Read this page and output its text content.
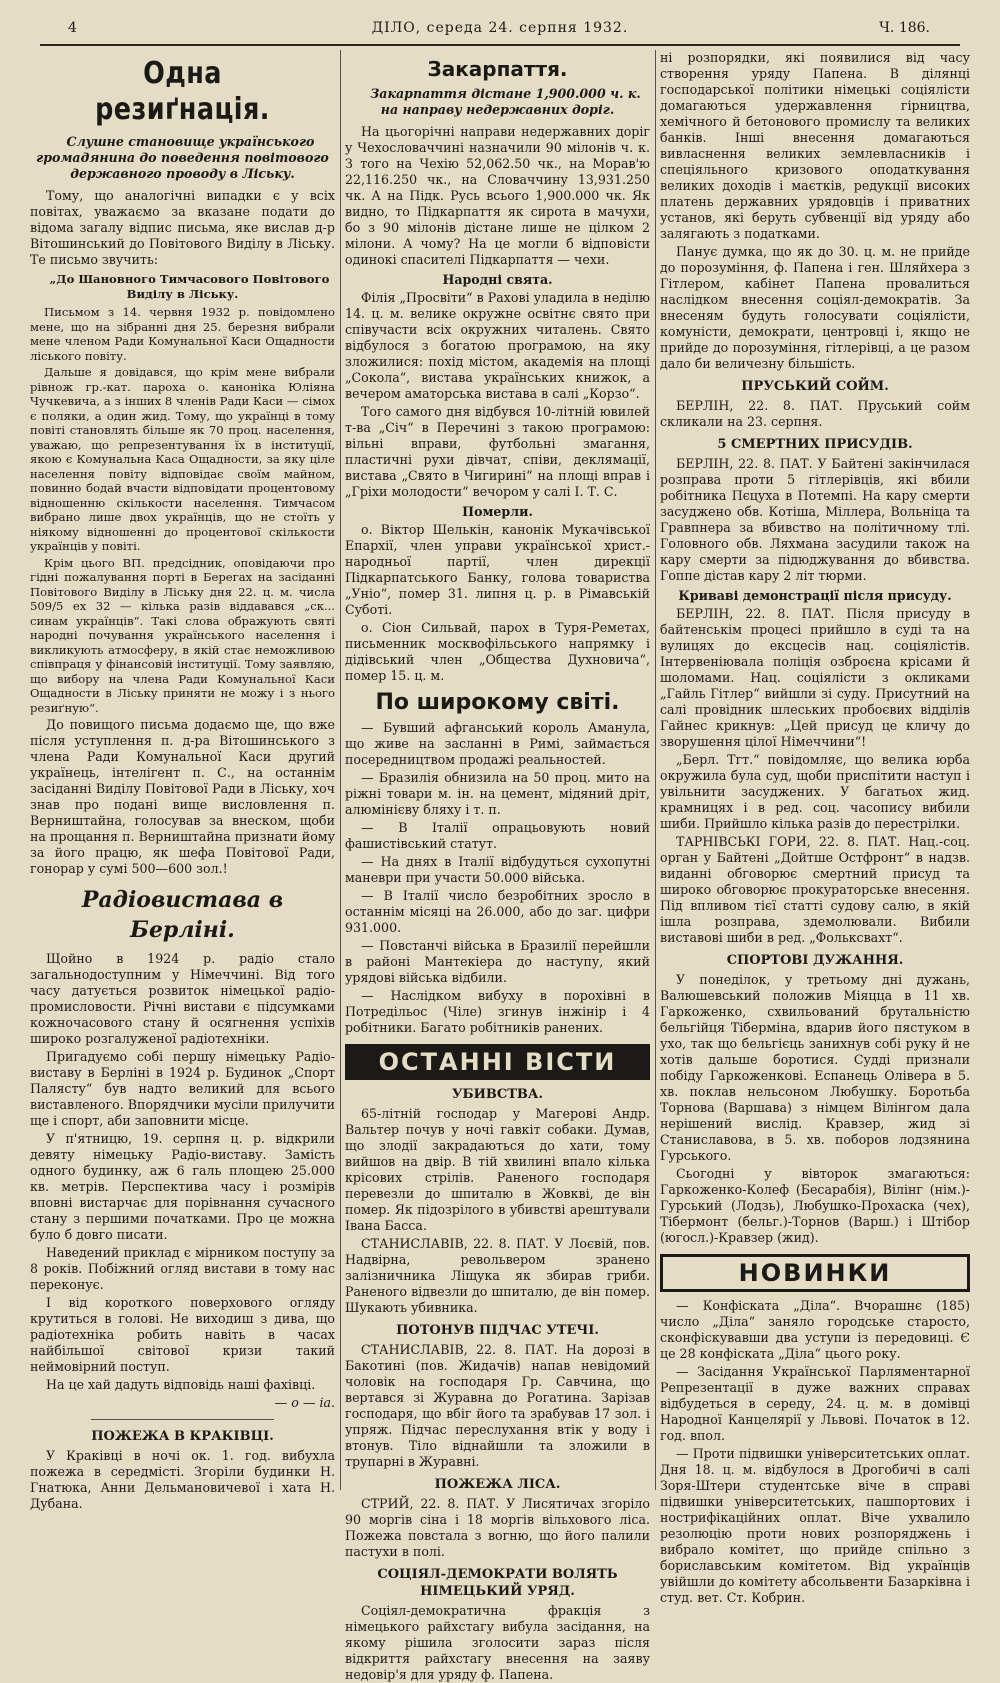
4	ДІЛО, середа 24. серпня 1932.	Ч. 186.
Одна резиґнація.

Слушне становище українського громадянина до поведення повітового державного проводу в Ліську.

Тому, що аналогічні випадки є у всіх повітах, уважаємо за вказане подати до відома загалу відпис письма, яке вислав д-р Вітошинський до Повітового Виділу в Ліську. Те письмо звучить:

„До Шановного Тимчасового Повітового Виділу в Ліську.

Письмом з 14. червня 1932 р. повідомлено мене, що на зібранні дня 25. березня вибрали мене членом Ради Комунальної Каси Ощадности ліського повіту.

Дальше я довідався, що крім мене вибрали рівнож гр.-кат. пароха о. каноніка Юліяна Чучкевича, а з інших 8 членів Ради Каси — сімох є поляки, а один жид. Тому, що українці в тому повіті становлять більше як 70 проц. населення, уважаю, що репрезентування їх в інституції, якою є Комунальна Каса Ощадности, за яку ціле населення повіту відповідає своїм майном, повинно бодай вчасти відповідати процентовому відношенню скількости населення. Тимчасом вибрано лише двох українців, що не стоїть у ніякому відношенні до процентової скількости українців у повіті.

Крім цього ВП. предсідник, оповідаючи про гідні пожалування порті в Берегах на засіданні Повітового Виділу в Ліську дня 22. ц. м. числа 509/5 ех 32 — кілька разів віддавався „ск... синам українців“. Такі слова ображують святі народні почування українського населення і викликують атмосферу, в якій стає неможливою співпраця у фінансовій інституції. Тому заявляю, що вибору на члена Ради Комунальної Каси Ощадности в Ліську приняти не можу і з нього резиґную“.

До повищого письма додаємо ще, що вже після уступлення п. д-ра Вітошинського з члена Ради Комунальної Каси другий українець, інтелігент п. С., на останнім засіданні Виділу Повітової Ради в Ліську, хоч знав про подані вище висловлення п. Верништайна, голосував за внеском, щоби на прощання п. Верништайна признати йому за його працю, як шефа Повітової Ради, гонорар у сумі 500—600 зол.!

Радіовистава в Берліні.

Щойно в 1924 р. радіо стало загальнодоступним у Німеччині. Від того часу датується розвиток німецької радіо-промисловости. Річні вистави є підсумками кожночасового стану й осягнення успіхів широко розгалуженої радіотехніки.

Пригадуємо собі першу німецьку Радіо-виставу в Берліні в 1924 р. Будинок „Спорт Палясту“ був надто великий для всього виставленого. Впорядчики мусіли прилучити ще і спорт, аби заповнити місце.

У п'ятницю, 19. серпня ц. р. відкрили девяту німецьку Радіо-виставу. Замість одного будинку, аж 6 галь площею 25.000 кв. метрів. Перспектива часу і розмірів вповні вистарчає для порівнання сучасного стану з першими початками. Про це можна було б довго писати.

Наведений приклад є мірником поступу за 8 років. Побіжний огляд вистави в тому нас переконує.

І від короткого поверхового огляду крутиться в голові. Не виходиш з дива, що радіотехніка робить навіть в часах найбільшої світової кризи такий неймовірний поступ.

На це хай дадуть відповідь наші фахівці.

— о — іа.

ПОЖЕЖА В КРАКІВЦІ.

У Краківці в ночі ок. 1. год. вибухла пожежа в середмісті. Згоріли будинки Н. Гнатюка, Анни Дельмановичевої і хата Н. Дубана.

Закарпаття.

Закарпаття дістане 1,900.000 ч. к. на направу недержавних доріг.

На цьогорічні направи недержавних доріг у Чехословаччині назначили 90 мілонів ч. к. З того на Чехію 52,062.50 чк., на Морав'ю 22,116.250 чк., на Словаччину 13,931.250 чк. А на Підк. Русь всього 1,900.000 чк. Як видно, то Підкарпаття як сирота в мачухи, бо з 90 мілонів дістане лише не цілком 2 мілони. А чому? На це могли б відповісти одинокі спасителі Підкарпаття — чехи.

Народні свята.

Філія „Просвіти“ в Рахові уладила в неділю 14. ц. м. велике окружне освітнє свято при співучасти всіх окружних читалень. Свято відбулося з богатою програмою, на яку зложилися: похід містом, академія на площі „Сокола“, вистава українських книжок, а вечером аматорська вистава в салі „Корзо“.

Того самого дня відбувся 10-літній ювилей т-ва „Січ“ в Перечині з такою програмою: вільні вправи, футбольні змагання, пластичні рухи дівчат, співи, деклямації, вистава „Свято в Чигирині“ на площі вправ і „Гріхи молодости“ вечором у салі І. Т. С.

Померли.

о. Віктор Шелькін, канонік Мукачівської Епархії, член управи української христ.-народньої партії, член дирекції Підкарпатського Банку, голова товариства „Уніо“, помер 31. липня ц. р. в Рімавській Суботі.

о. Сіон Сильвай, парох в Туря-Реметах, письменник москвофільського напрямку і дідівський член „Общества Духновича“, помер 15. ц. м.

По широкому світі.

— Бувший афганський король Аманула, що живе на засланні в Римі, займається посередництвом продажі реальностей.

— Бразилія обнизила на 50 проц. мито на ріжні товари м. ін. на цемент, мідяний дріт, алюмінієву бляху і т. п.

— В Італії опрацьовують новий фашистівський статут.

— На днях в Італії відбудуться сухопутні маневри при участи 50.000 війська.

— В Італії число безробітних зросло в останнім місяці на 26.000, або до заг. цифри 931.000.

— Повстанчі війська в Бразилії перейшли в районі Мантекіера до наступу, який урядові війська відбили.

— Наслідком вибуху в порохівні в Потредільос (Чіле) згинув інжінір і 4 робітники. Багато робітників ранених.

ОСТАННІ ВІСТИ
УБИВСТВА.

65-літній господар у Магерові Андр. Вальтер почув у ночі гавкіт собаки. Думав, що злодії закрадаються до хати, тому вийшов на двір. В тій хвилині впало кілька крісових стрілів. Раненого господаря перевезли до шпиталю в Жовкві, де він помер. Як підозрілого в убивстві арештували Івана Басса.

СТАНИСЛАВІВ, 22. 8. ПАТ. У Лоєвій, пов. Надвірна, револьвером зранено залізничника Ліщука як збирав гриби. Раненого відвезли до шпиталю, де він помер. Шукають убивника.

ПОТОНУВ ПІДЧАС УТЕЧІ.

СТАНИСЛАВІВ, 22. 8. ПАТ. На дорозі в Бакотині (пов. Жидачів) напав невідомий чоловік на господаря Гр. Савчина, що вертався зі Журавна до Рогатина. Зарізав господаря, що вбіг його та зрабував 17 зол. і упряж. Підчас переслухання втік у воду і втонув. Тіло віднайшли та зложили в трупарні в Журавні.

ПОЖЕЖА ЛІСА.

СТРИЙ, 22. 8. ПАТ. У Лисятичах згоріло 90 моргів сіна і 18 моргів вільхового ліса. Пожежа повстала з вогню, що його палили пастухи в полі.

СОЦІЯЛ-ДЕМОКРАТИ ВОЛЯТЬ НІМЕЦЬКИЙ УРЯД.

Соціял-демократична фракція з німецького райхстагу вибула засідання, на якому рішила зголосити зараз після відкриття райхстагу внесення на заяву недовір'я для уряду ф. Папена.

ні розпорядки, які появилися від часу створення уряду Папена. В ділянці господарської політики німецькі соціялісти домагаються удержавлення гірництва, хемічного й бетонового промислу та великих банків. Інші внесення домагаються вивласнення великих землевласників і спеціяльного кризового оподаткування великих доходів і маєтків, редукції високих платень державних урядовців і приватних установ, які беруть субвенції від уряду або залягають з податками.

Панує думка, що як до 30. ц. м. не прийде до порозуміння, ф. Папена і ген. Шляйхера з Гітлером, кабінет Папена провалиться наслідком внесення соціял-демократів. За внесеням будуть голосувати соціялісти, комуністи, демократи, центровці і, якщо не прийде до порозуміння, гітлерівці, а це разом дало би величезну більшість.

ПРУСЬКИЙ СОЙМ.

БЕРЛІН, 22. 8. ПАТ. Пруський сойм скликали на 23. серпня.

5 СМЕРТНИХ ПРИСУДІВ.

БЕРЛІН, 22. 8. ПАТ. У Байтені закінчилася розправа проти 5 гітлерівців, які вбили робітника Пєцуха в Потемпі. На кару смерти засуджено обв. Котіша, Міллера, Вольніца та Гравпнера за вбивство на політичному тлі. Головного обв. Ляхмана засудили також на кару смерти за підюджування до вбивства. Гоппе дістав кару 2 літ тюрми.

Криваві демонстрації після присуду.

БЕРЛІН, 22. 8. ПАТ. Після присуду в байтенськім процесі прийшло в суді та на вулицях до ексцесів нац. соціялістів. Інтервеніювала поліція озброєна крісами й шоломами. Нац. соціялісти з окликами „Гайль Гітлер“ вийшли зі суду. Присутний на салі провідник шлеських пробоєвих відділів Гайнес крикнув: „Цей присуд це кличу до зворушення цілої Німеччини“!

„Берл. Тгт.“ повідомляє, що велика юрба окружила була суд, щоби приспітити наступ і увільнити засуджених. У багатьох жид. крамницях і в ред. соц. часопису вибили шиби. Прийшло кілька разів до перестрілки.

ТАРНІВСЬКІ ГОРИ, 22. 8. ПАТ. Нац.-соц. орган у Байтені „Дойтше Остфронт“ в надзв. виданні обговорює смертний присуд та широко обговорює прокураторське внесення. Під впливом тієї статті судову салю, в якій ішла розправа, здемолювали. Вибили виставові шиби в ред. „Фольксвахт“.

СПОРТОВІ ДУЖАННЯ.

У понеділок, у третьому дні дужань, Валюшевський положив Міяцца в 11 хв. Гаркоженко, схвильований брутальністю бельгійця Тіберміна, вдарив його пястуком в ухо, так що бельгієць заниxнув собі руку й не хотів дальше боротися. Судді признали побіду Гаркоженкові. Еспанець Олівера в 5. хв. поклав нельсоном Любушку. Боротьба Торнова (Варшава) з німцем Вілінгом дала нерішений вислід. Кравзер, жид зі Станиславова, в 5. хв. поборов лодзянина Гурського.

Сьогодні у вівторок змагаються: Гаркоженко-Колеф (Бесарабія), Вілінг (нім.)-Гурський (Лодзь), Любушко-Прохаска (чех), Тібермонт (бельг.)-Торнов (Варш.) і Штібор (югосл.)-Кравзер (жид).

НОВИНКИ

— Конфіската „Діла“. Вчорашнє (185) число „Діла“ заняло городське старосто, сконфіскувавши два уступи із передовиці. Є це 28 конфіската „Діла“ цього року.

— Засідання Української Парляментарної Репрезентації в дуже важних справах відбудеться в середу, 24. ц. м. в домівці Народної Канцелярії у Львові. Початок в 12. год. впол.

— Проти підвишки університетських оплат. Дня 18. ц. м. відбулося в Дрогобичі в салі Зоря-Штери студентське віче в справі підвишки університетських, пашпортових і нострифікаційних оплат. Віче ухвалило резолюцію проти нових розпоряджень і вибрало комітет, що прийде спільно з бориславським комітетом. Від українців увійшли до комітету абсольвенти Базарківна і студ. вет. Ст. Кобрин.
